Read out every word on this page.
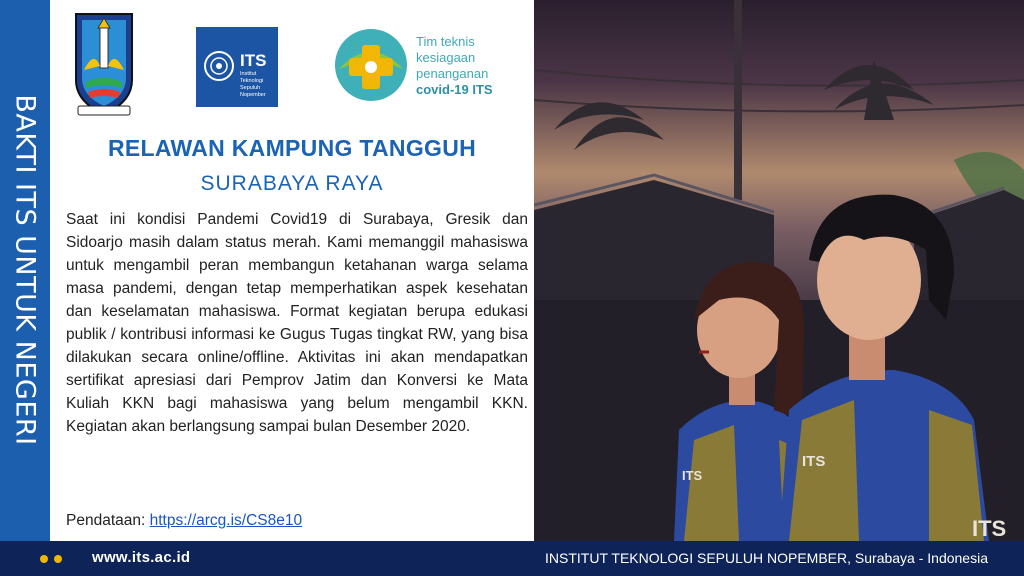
BAKTI ITS UNTUK NEGERI
ITS
Institut
Teknologi
Sepuluh Nopember
Tim teknis
kesiagaan
penanganan
covid-19 ITS
RELAWAN KAMPUNG TANGGUH
SURABAYA RAYA

Saat ini kondisi Pandemi Covid19 di Surabaya, Gresik dan Sidoarjo masih dalam status merah. Kami memanggil mahasiswa untuk mengambil peran membangun ketahanan warga selama masa pandemi, dengan tetap memperhatikan aspek kesehatan dan keselamatan mahasiswa. Format kegiatan berupa edukasi publik / kontribusi informasi ke Gugus Tugas tingkat RW, yang bisa dilakukan secara online/offline. Aktivitas ini akan mendapatkan sertifikat apresiasi dari Pemprov Jatim dan Konversi ke Mata Kuliah KKN bagi mahasiswa yang belum mengambil KKN. Kegiatan akan berlangsung sampai bulan Desember 2020.

Pendataan: https://arcg.is/CS8e10
ITS
ITS
ITS
www.its.ac.id	INSTITUT TEKNOLOGI SEPULUH NOPEMBER, Surabaya - Indonesia
